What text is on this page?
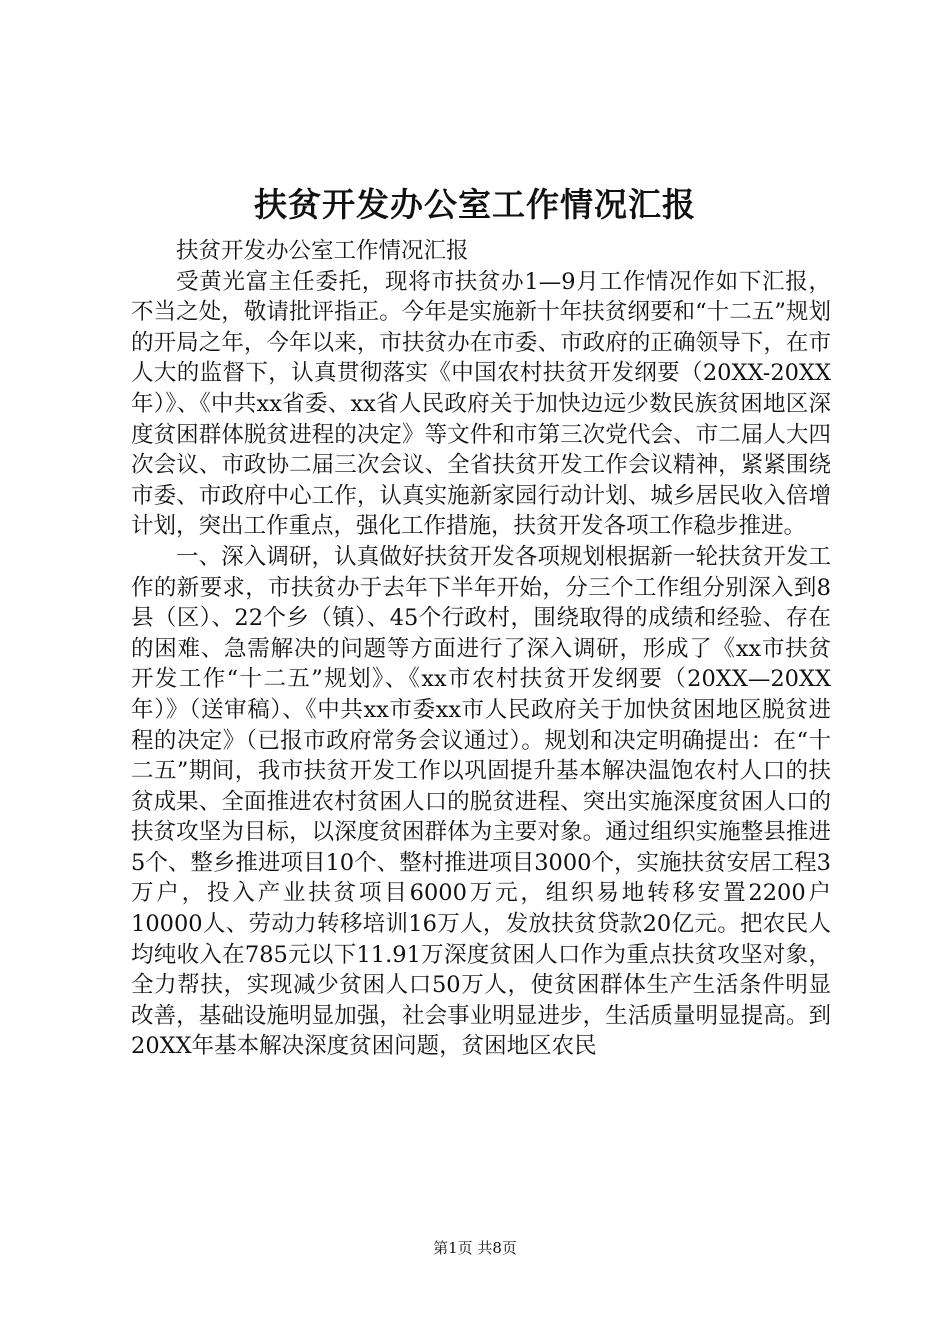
扶贫开发办公室工作情况汇报

扶贫开发办公室工作情况汇报

受黄光富主任委托，现将市扶贫办1—9月工作情况作如下汇报，不当之处，敬请批评指正。今年是实施新十年扶贫纲要和“十二五”规划的开局之年，今年以来，市扶贫办在市委、市政府的正确领导下，在市人大的监督下，认真贯彻落实《中国农村扶贫开发纲要（20XX-20XX年）》、《中共xx省委、xx省人民政府关于加快边远少数民族贫困地区深度贫困群体脱贫进程的决定》等文件和市第三次党代会、市二届人大四次会议、市政协二届三次会议、全省扶贫开发工作会议精神，紧紧围绕市委、市政府中心工作，认真实施新家园行动计划、城乡居民收入倍增计划，突出工作重点，强化工作措施，扶贫开发各项工作稳步推进。

一、深入调研，认真做好扶贫开发各项规划根据新一轮扶贫开发工作的新要求，市扶贫办于去年下半年开始，分三个工作组分别深入到8县（区）、22个乡（镇）、45个行政村，围绕取得的成绩和经验、存在的困难、急需解决的问题等方面进行了深入调研，形成了《xx市扶贫开发工作“十二五”规划》、《xx市农村扶贫开发纲要（20XX—20XX年）》（送审稿）、《中共xx市委xx市人民政府关于加快贫困地区脱贫进程的决定》（已报市政府常务会议通过）。规划和决定明确提出：在“十二五”期间，我市扶贫开发工作以巩固提升基本解决温饱农村人口的扶贫成果、全面推进农村贫困人口的脱贫进程、突出实施深度贫困人口的扶贫攻坚为目标，以深度贫困群体为主要对象。通过组织实施整县推进5个、整乡推进项目10个、整村推进项目3000个，实施扶贫安居工程3万户，投入产业扶贫项目6000万元，组织易地转移安置2200户10000人、劳动力转移培训16万人，发放扶贫贷款20亿元。把农民人均纯收入在785元以下11.91万深度贫困人口作为重点扶贫攻坚对象，全力帮扶，实现减少贫困人口50万人，使贫困群体生产生活条件明显改善，基础设施明显加强，社会事业明显进步，生活质量明显提高。到20XX年基本解决深度贫困问题，贫困地区农民

第1页 共8页
